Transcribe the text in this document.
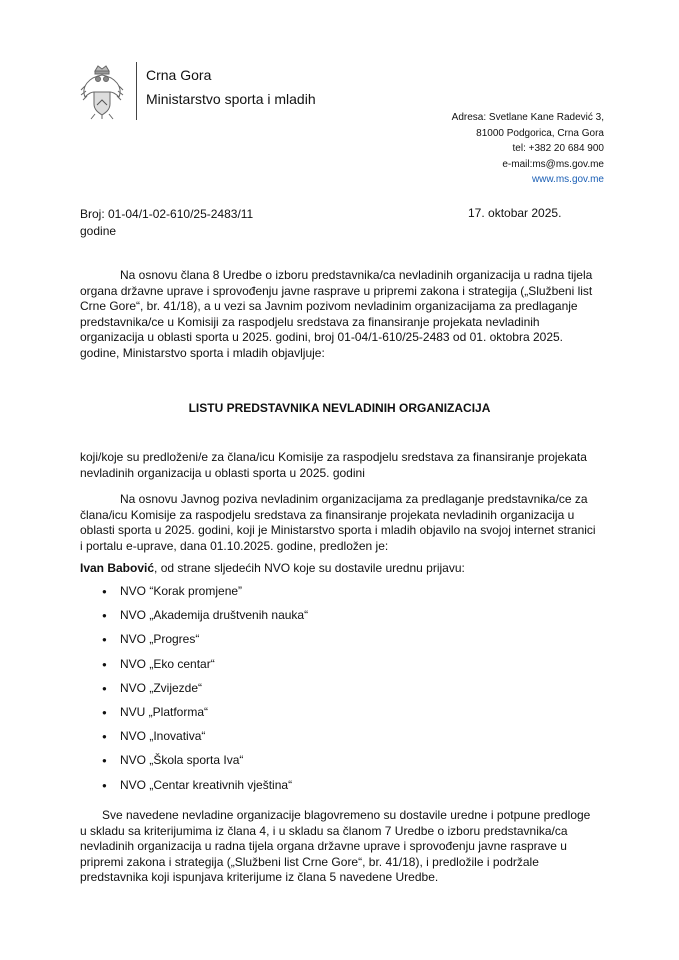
Crna Gora
Ministarstvo sporta i mladih
Adresa: Svetlane Kane Radević 3,
81000 Podgorica, Crna Gora
tel: +382 20 684 900
e-mail:ms@ms.gov.me
www.ms.gov.me
Broj: 01-04/1-02-610/25-2483/11
godine
17. oktobar 2025.

Na osnovu člana 8 Uredbe o izboru predstavnika/ca nevladinih organizacija u radna tijela organa državne uprave i sprovođenju javne rasprave u pripremi zakona i strategija („Službeni list Crne Gore“, br. 41/18), a u vezi sa Javnim pozivom nevladinim organizacijama za predlaganje predstavnika/ce u Komisiji za raspodjelu sredstava za finansiranje projekata nevladinih organizacija u oblasti sporta u 2025. godini, broj 01-04/1-610/25-2483 od 01. oktobra 2025. godine, Ministarstvo sporta i mladih objavljuje:

LISTU PREDSTAVNIKA NEVLADINIH ORGANIZACIJA

koji/koje su predloženi/e za člana/icu Komisije za raspodjelu sredstava za finansiranje projekata nevladinih organizacija u oblasti sporta u 2025. godini

Na osnovu Javnog poziva nevladinim organizacijama za predlaganje predstavnika/ce za člana/icu Komisije za raspodjelu sredstava za finansiranje projekata nevladinih organizacija u oblasti sporta u 2025. godini, koji je Ministarstvo sporta i mladih objavilo na svojoj internet stranici i portalu e-uprave, dana 01.10.2025. godine, predložen je:

Ivan Babović, od strane sljedećih NVO koje su dostavile urednu prijavu:

● NVO “Korak promjene”
● NVO „Akademija društvenih nauka“
● NVO „Progres“
● NVO „Eko centar“
● NVO „Zvijezde“
● NVU „Platforma“
● NVO „Inovativa“
● NVO „Škola sporta Iva“
● NVO „Centar kreativnih vještina“

Sve navedene nevladine organizacije blagovremeno su dostavile uredne i potpune predloge u skladu sa kriterijumima iz člana 4, i u skladu sa članom 7 Uredbe o izboru predstavnika/ca nevladinih organizacija u radna tijela organa državne uprave i sprovođenju javne rasprave u pripremi zakona i strategija („Službeni list Crne Gore“, br. 41/18), i predložile i podržale predstavnika koji ispunjava kriterijume iz člana 5 navedene Uredbe.
